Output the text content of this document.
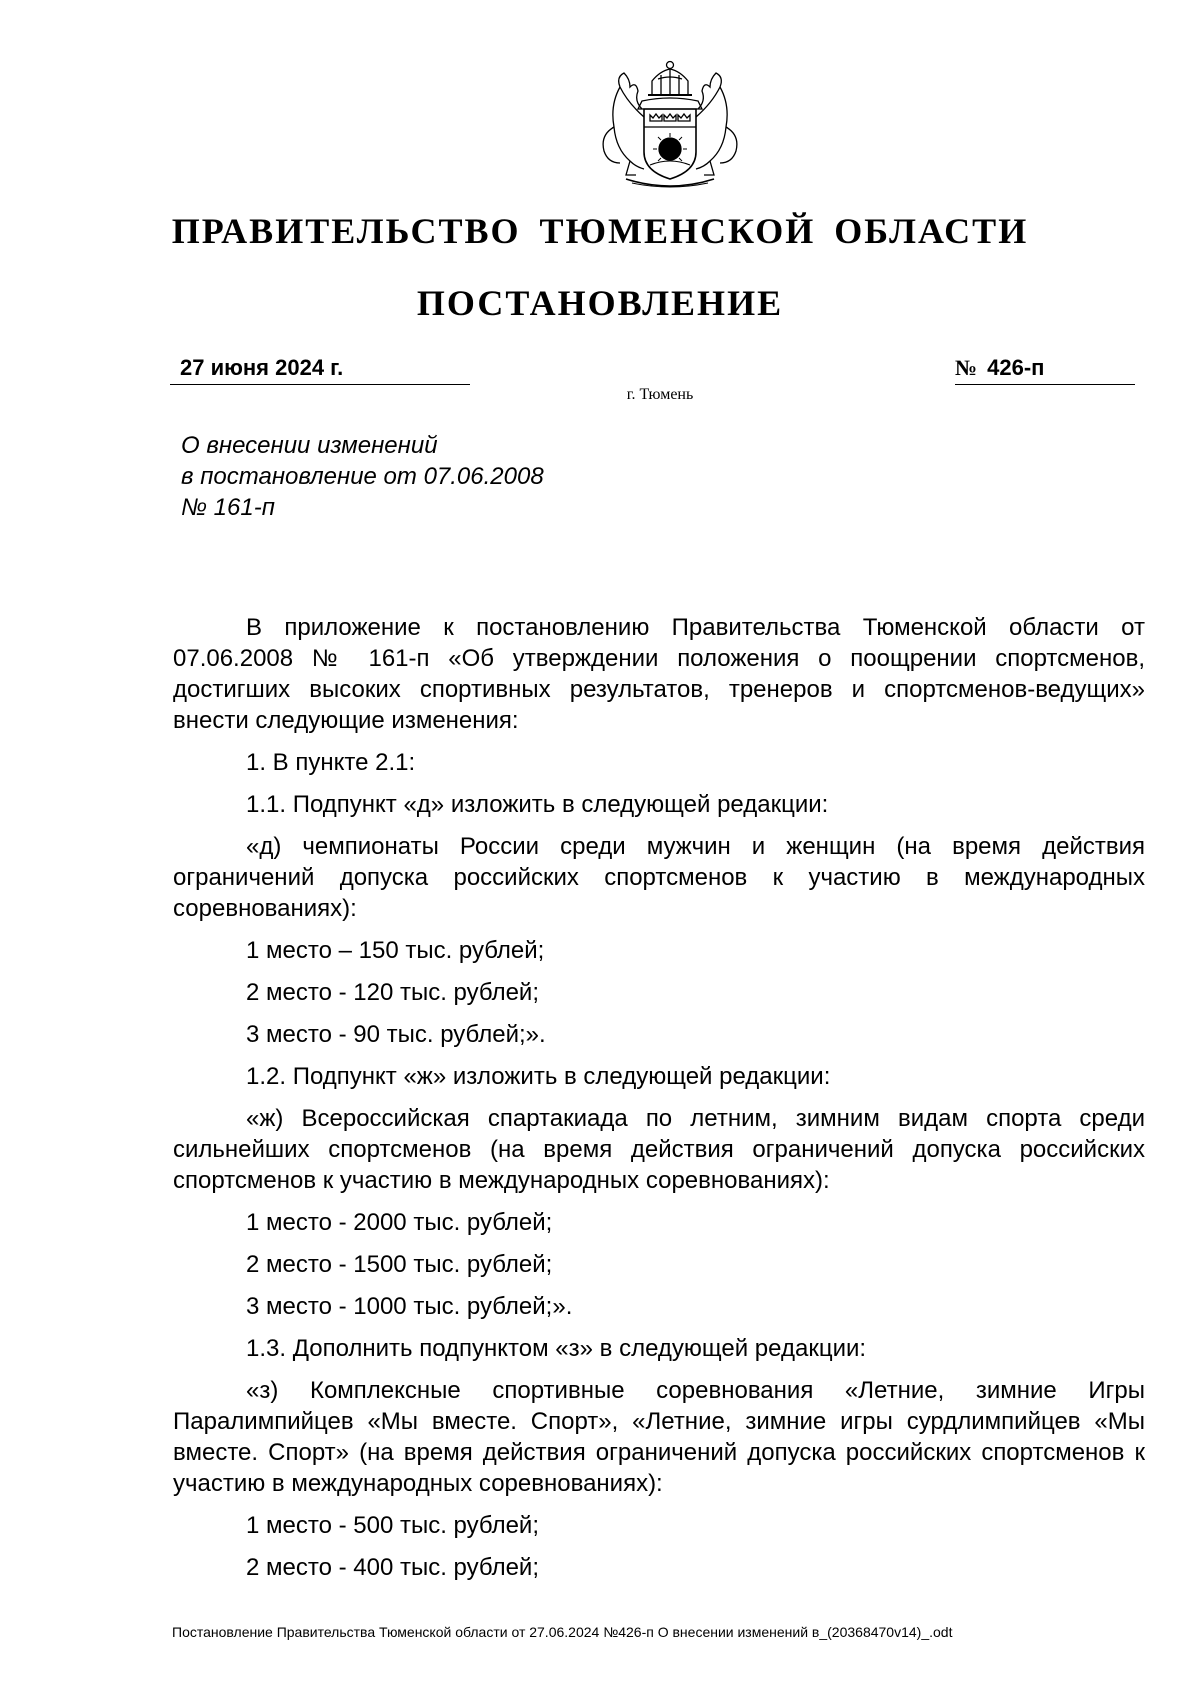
ПРАВИТЕЛЬСТВО ТЮМЕНСКОЙ ОБЛАСТИ
ПОСТАНОВЛЕНИЕ
27 июня 2024 г.	№ 426-п
г. Тюмень
О внесении изменений
в постановление от 07.06.2008
№ 161-п

В приложение к постановлению Правительства Тюменской области от 07.06.2008 № 161-п «Об утверждении положения о поощрении спортсменов, достигших высоких спортивных результатов, тренеров и спортсменов-ведущих» внести следующие изменения:

1. В пункте 2.1:

1.1. Подпункт «д» изложить в следующей редакции:

«д) чемпионаты России среди мужчин и женщин (на время действия ограничений допуска российских спортсменов к участию в международных соревнованиях):

1 место – 150 тыс. рублей;

2 место - 120 тыс. рублей;

3 место - 90 тыс. рублей;».

1.2. Подпункт «ж» изложить в следующей редакции:

«ж) Всероссийская спартакиада по летним, зимним видам спорта среди сильнейших спортсменов (на время действия ограничений допуска российских спортсменов к участию в международных соревнованиях):

1 место - 2000 тыс. рублей;

2 место - 1500 тыс. рублей;

3 место - 1000 тыс. рублей;».

1.3. Дополнить подпунктом «з» в следующей редакции:

«з) Комплексные спортивные соревнования «Летние, зимние Игры Паралимпийцев «Мы вместе. Спорт», «Летние, зимние игры сурдлимпийцев «Мы вместе. Спорт» (на время действия ограничений допуска российских спортсменов к участию в международных соревнованиях):

1 место - 500 тыс. рублей;

2 место - 400 тыс. рублей;

Постановление Правительства Тюменской области от 27.06.2024 №426-п О внесении изменений в_(20368470v14)_.odt
